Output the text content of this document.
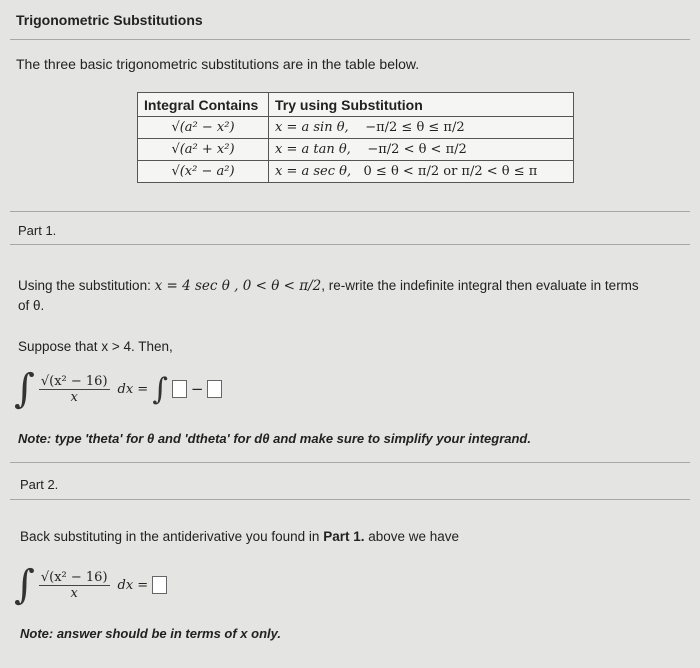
Trigonometric Substitutions
The three basic trigonometric substitutions are in the table below.
Integral Contains	Try using Substitution
√(a² − x²)	x = a sin θ, −π/2 ≤ θ ≤ π/2
√(a² + x²)	x = a tan θ, −π/2 < θ < π/2
√(x² − a²)	x = a sec θ, 0 ≤ θ < π/2 or π/2 < θ ≤ π
Part 1.
Using the substitution: x = 4 sec θ , 0 < θ < π/2, re-write the indefinite integral then evaluate in terms
of θ.
Suppose that x > 4. Then,
∫ $\frac{\text{√(x² − 16)}}{x}$ dx = ∫ −
Note: type 'theta' for θ and 'dtheta' for dθ and make sure to simplify your integrand.
Part 2.
Back substituting in the antiderivative you found in Part 1. above we have
∫ $\frac{\text{√(x² − 16)}}{x}$ dx =
Note: answer should be in terms of x only.
